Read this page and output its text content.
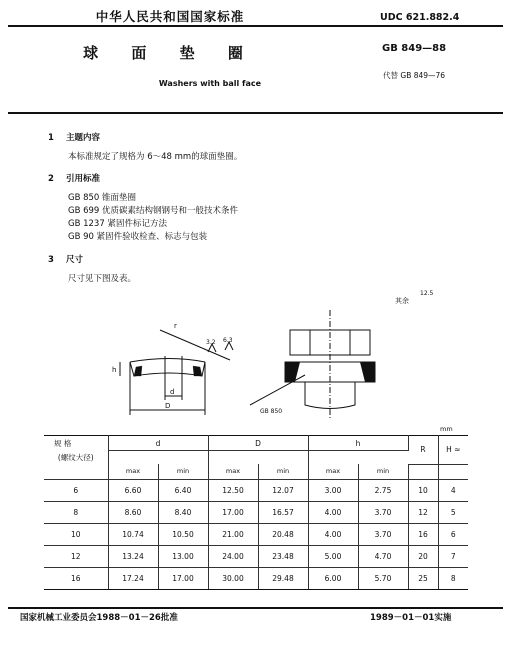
中华人民共和国国家标准	UDC 621.882.4
球 面 垫 圈	GB 849—88
代替 GB 849—76
Washers with ball face
1 主题内容
本标准规定了规格为 6～48 mm的球面垫圈。
2 引用标准
GB 850 锥面垫圈
GB 699 优质碳素结构钢钢号和一般技术条件
GB 1237 紧固件标记方法
GB 90 紧固件验收检查、标志与包装
3 尺寸
尺寸见下图及表。
r
d
h
D
3.2 6.3
GB 850
其余
12.5
mm
规 格	d		D		h		R	H ≈
(螺纹大径)								
	max	min	max	min	max	min		
6	6.60	6.40	12.50	12.07	3.00	2.75	10	4
8	8.60	8.40	17.00	16.57	4.00	3.70	12	5
10	10.74	10.50	21.00	20.48	4.00	3.70	16	6
12	13.24	13.00	24.00	23.48	5.00	4.70	20	7
16	17.24	17.00	30.00	29.48	6.00	5.70	25	8
国家机械工业委员会1988－01－26批准	1989－01－01实施
